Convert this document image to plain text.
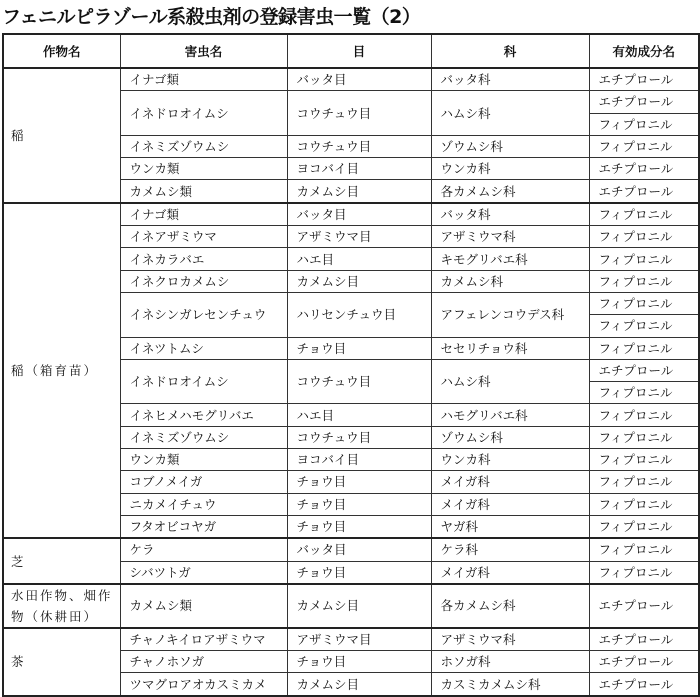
フェニルピラゾール系殺虫剤の登録害虫一覧（2）
作物名	害虫名	目	科	有効成分名
稲	イナゴ類	バッタ目	バッタ科	エチプロール
	イネドロオイムシ	コウチュウ目	ハムシ科	エチプロール
				フィプロニル
	イネミズゾウムシ	コウチュウ目	ゾウムシ科	フィプロニル
	ウンカ類	ヨコバイ目	ウンカ科	エチプロール
	カメムシ類	カメムシ目	各カメムシ科	エチプロール
稲（箱育苗）	イナゴ類	バッタ目	バッタ科	フィプロニル
	イネアザミウマ	アザミウマ目	アザミウマ科	フィプロニル
	イネカラバエ	ハエ目	キモグリバエ科	フィプロニル
	イネクロカメムシ	カメムシ目	カメムシ科	フィプロニル
	イネシンガレセンチュウ	ハリセンチュウ目	アフェレンコウデス科	フィプロニル
				フィプロニル
	イネツトムシ	チョウ目	セセリチョウ科	フィプロニル
	イネドロオイムシ	コウチュウ目	ハムシ科	エチプロール
				フィプロニル
	イネヒメハモグリバエ	ハエ目	ハモグリバエ科	フィプロニル
	イネミズゾウムシ	コウチュウ目	ゾウムシ科	フィプロニル
	ウンカ類	ヨコバイ目	ウンカ科	フィプロニル
	コブノメイガ	チョウ目	メイガ科	フィプロニル
	ニカメイチュウ	チョウ目	メイガ科	フィプロニル
	フタオビコヤガ	チョウ目	ヤガ科	フィプロニル
芝	ケラ	バッタ目	ケラ科	フィプロニル
	シバツトガ	チョウ目	メイガ科	フィプロニル
水田作物、畑作物（休耕田）	カメムシ類	カメムシ目	各カメムシ科	エチプロール
茶	チャノキイロアザミウマ	アザミウマ目	アザミウマ科	エチプロール
	チャノホソガ	チョウ目	ホソガ科	エチプロール
	ツマグロアオカスミカメ	カメムシ目	カスミカメムシ科	エチプロール
